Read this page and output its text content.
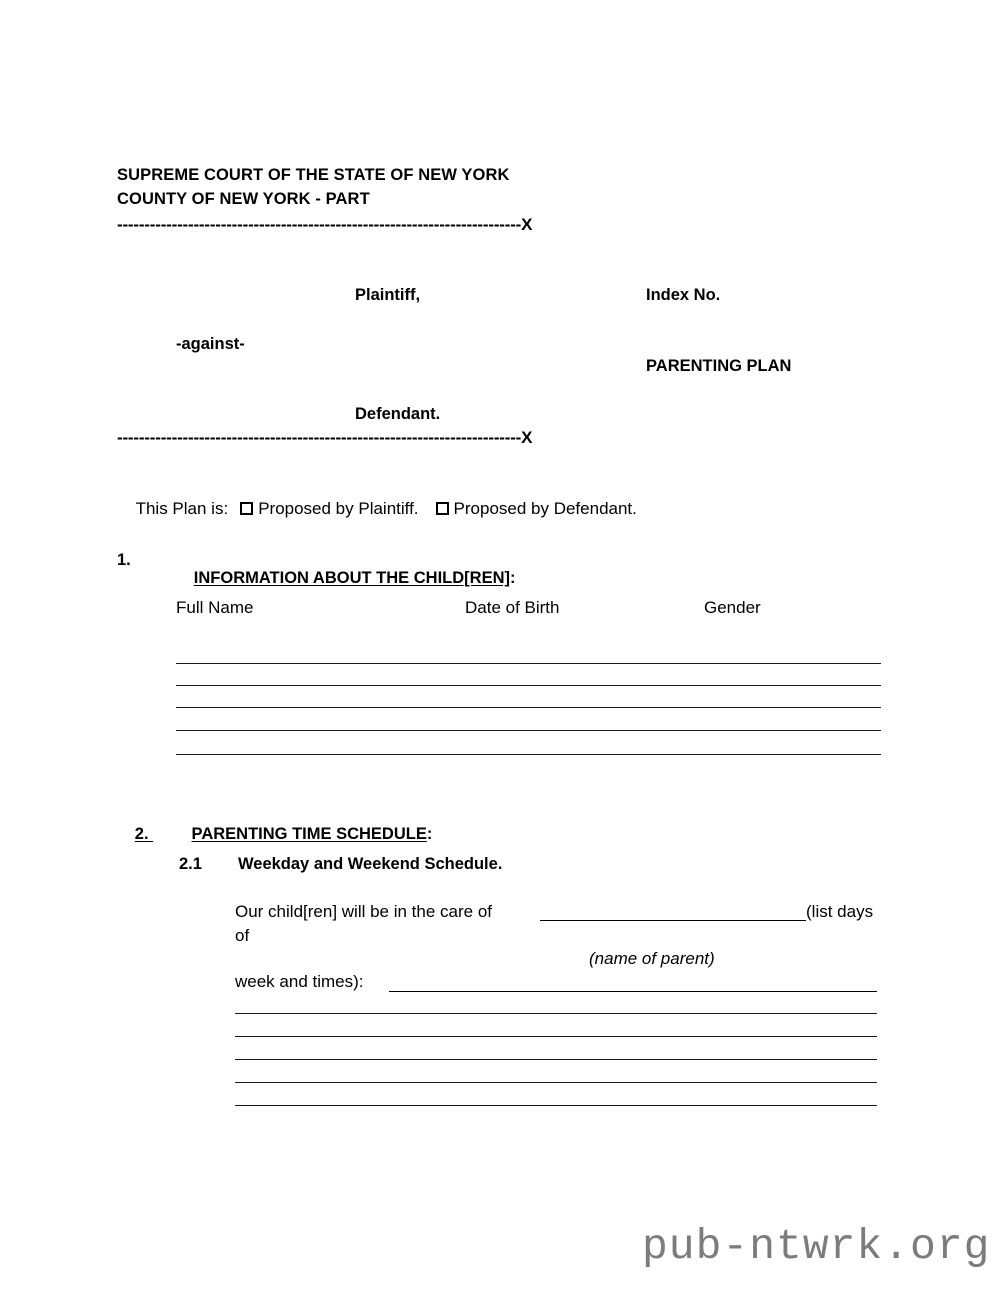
SUPREME COURT OF THE STATE OF NEW YORK
COUNTY OF NEW YORK - PART
--------------------------------------------------------------------------X
Plaintiff,	Index No.
-against-
PARENTING PLAN
Defendant.
--------------------------------------------------------------------------X

This Plan is: Proposed by Plaintiff. Proposed by Defendant.

1.

INFORMATION ABOUT THE CHILD[REN]:

Full Name	Date of Birth	Gender

2.	PARENTING TIME SCHEDULE:

2.1 Weekday and Weekend Schedule.
Our child[ren] will be in the care of	(list days
of
(name of parent)
week and times):
pub-ntwrk.org
